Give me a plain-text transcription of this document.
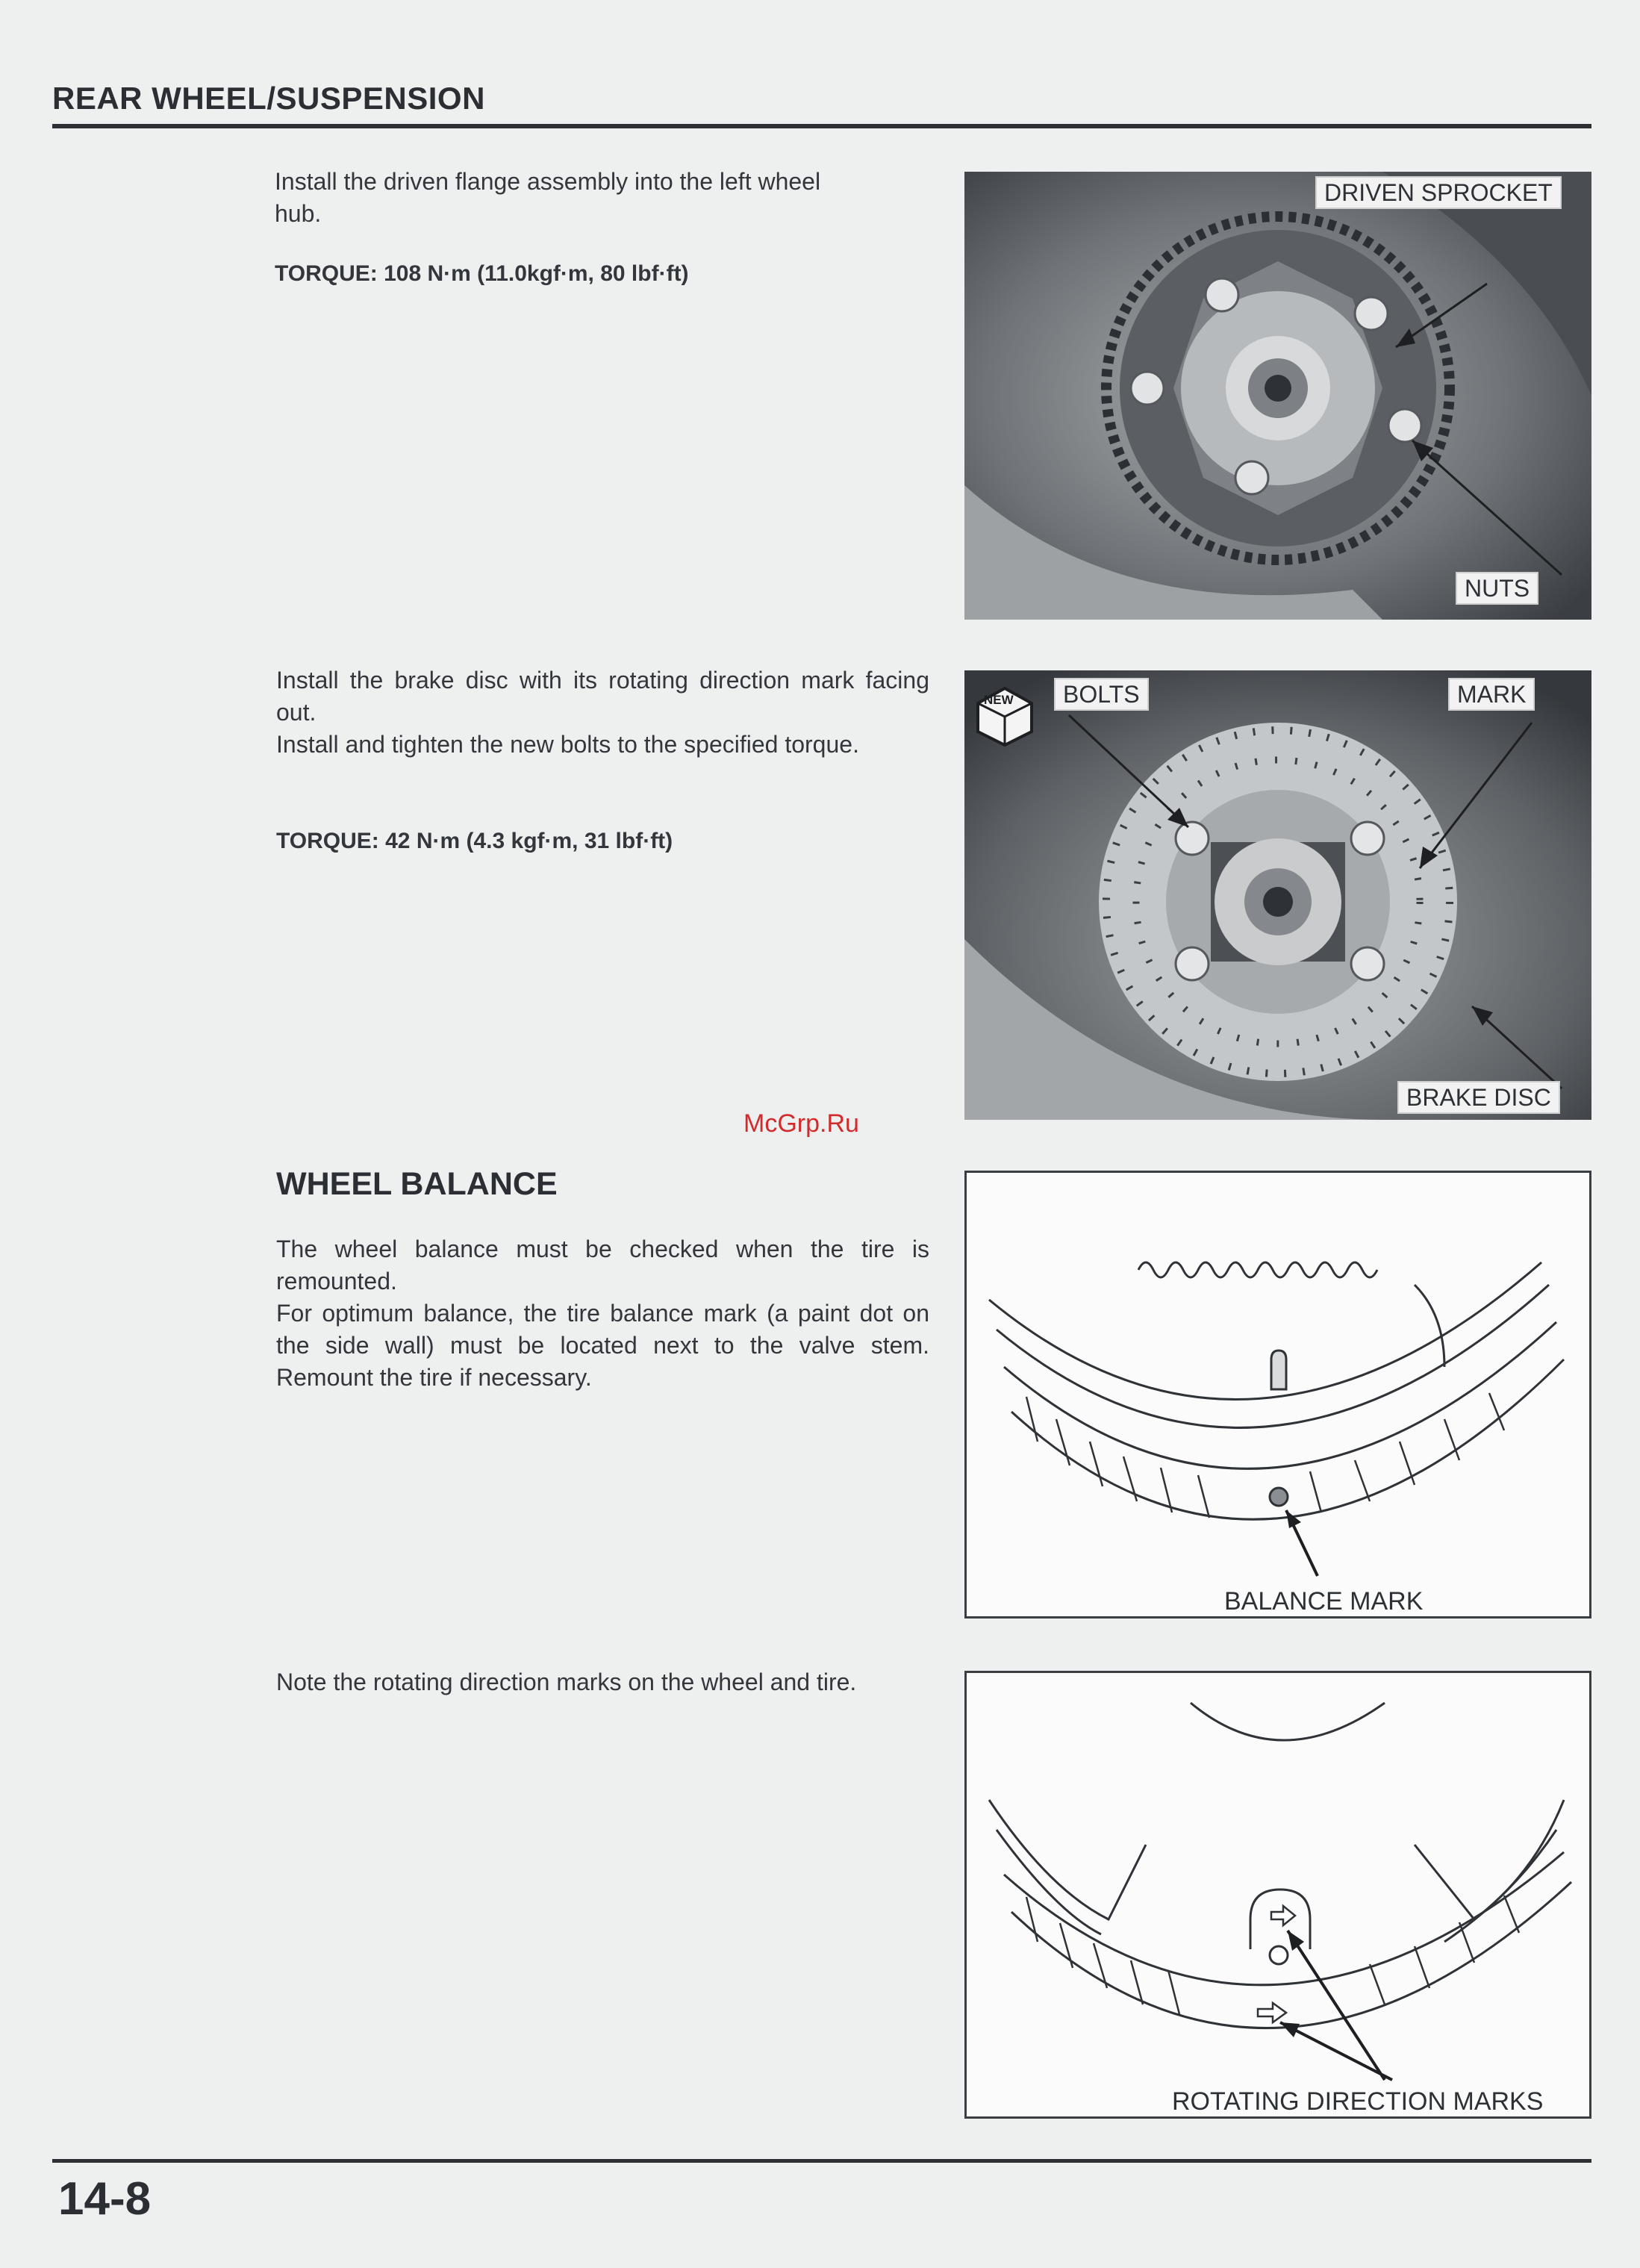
REAR WHEEL/SUSPENSION
Install the driven flange assembly into the left wheel hub.
TORQUE: 108 N·m (11.0kgf·m, 80 lbf·ft)
DRIVEN SPROCKET
NUTS
Install the brake disc with its rotating direction mark facing out.
Install and tighten the new bolts to the specified torque.
TORQUE: 42 N·m (4.3 kgf·m, 31 lbf·ft)
NEW	BOLTS	MARK
BRAKE DISC
McGrp.Ru
WHEEL BALANCE
The wheel balance must be checked when the tire is remounted.
For optimum balance, the tire balance mark (a paint dot on the side wall) must be located next to the valve stem. Remount the tire if necessary.
BALANCE MARK
Note the rotating direction marks on the wheel and tire.
ROTATING DIRECTION MARKS
14-8
